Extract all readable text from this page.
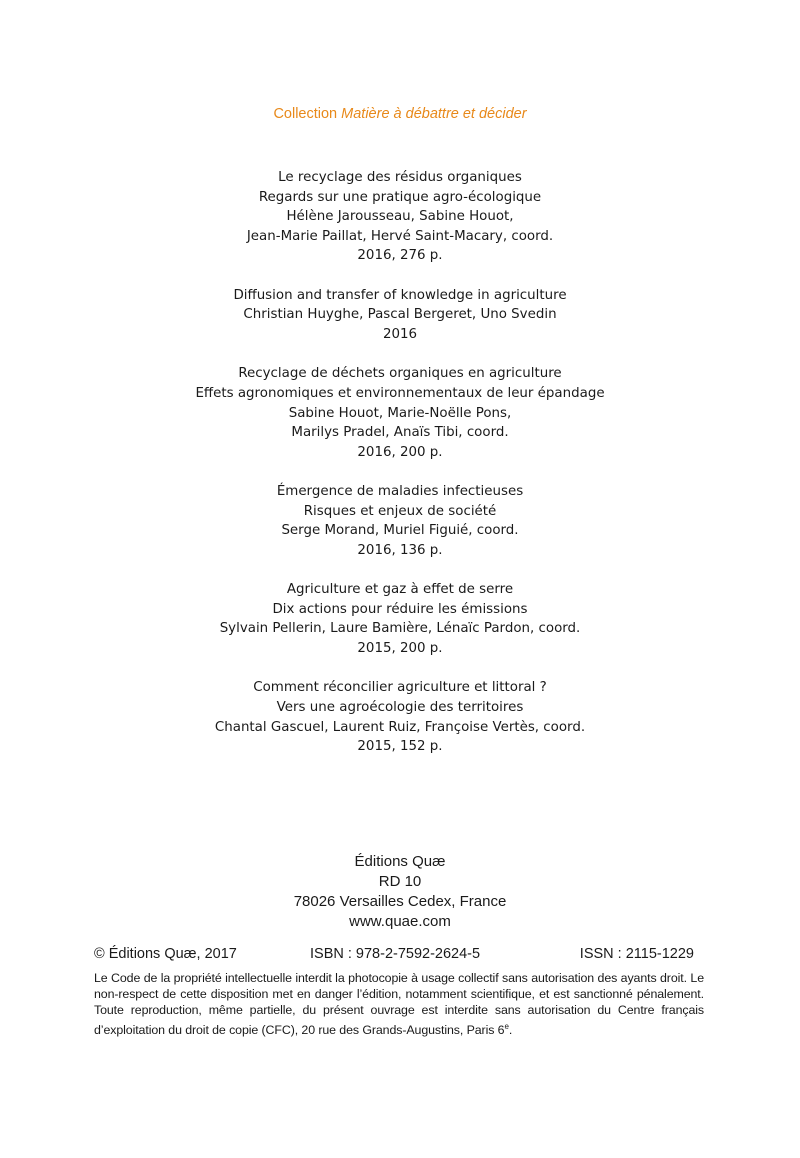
Collection Matière à débattre et décider
Le recyclage des résidus organiques
Regards sur une pratique agro-écologique
Hélène Jarousseau, Sabine Houot,
Jean-Marie Paillat, Hervé Saint-Macary, coord.
2016, 276 p.
Diffusion and transfer of knowledge in agriculture
Christian Huyghe, Pascal Bergeret, Uno Svedin
2016
Recyclage de déchets organiques en agriculture
Effets agronomiques et environnementaux de leur épandage
Sabine Houot, Marie-Noëlle Pons,
Marilys Pradel, Anaïs Tibi, coord.
2016, 200 p.
Émergence de maladies infectieuses
Risques et enjeux de société
Serge Morand, Muriel Figuié, coord.
2016, 136 p.
Agriculture et gaz à effet de serre
Dix actions pour réduire les émissions
Sylvain Pellerin, Laure Bamière, Lénaïc Pardon, coord.
2015, 200 p.
Comment réconcilier agriculture et littoral ?
Vers une agroécologie des territoires
Chantal Gascuel, Laurent Ruiz, Françoise Vertès, coord.
2015, 152 p.
Éditions Quæ
RD 10
78026 Versailles Cedex, France
www.quae.com
© Éditions Quæ, 2017	ISBN : 978-2-7592-2624-5	ISSN : 2115-1229
Le Code de la propriété intellectuelle interdit la photocopie à usage collectif sans autorisation des ayants droit. Le non-respect de cette disposition met en danger l’édition, notamment scientifique, et est sanctionné pénalement. Toute reproduction, même partielle, du présent ouvrage est interdite sans autorisation du Centre français d’exploitation du droit de copie (CFC), 20 rue des Grands-Augustins, Paris 6e.
